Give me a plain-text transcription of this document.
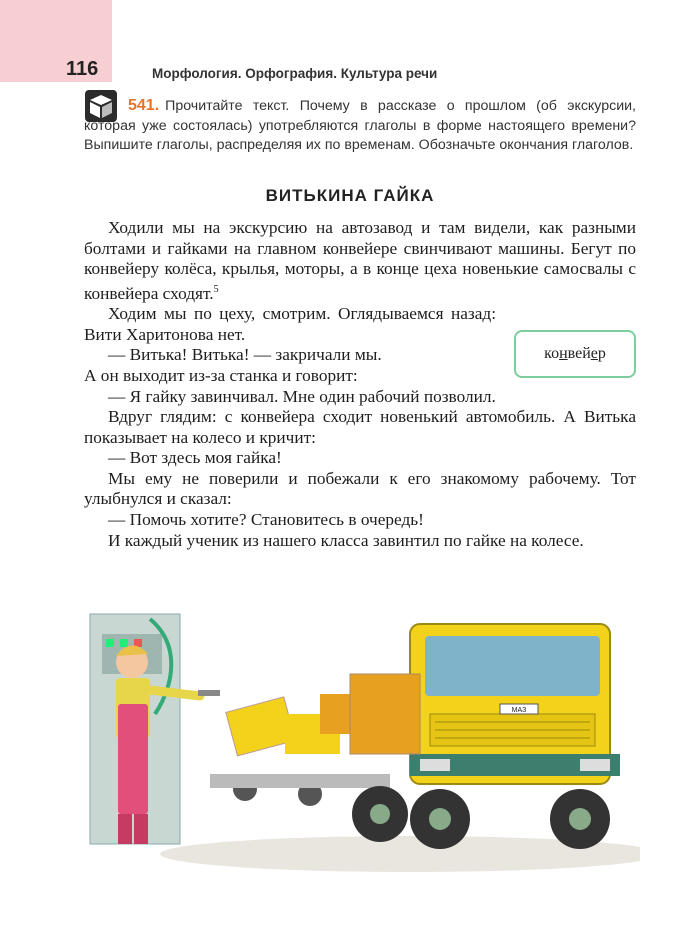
116	Морфология. Орфография. Культура речи
541. Прочитайте текст. Почему в рассказе о прошлом (об экскурсии, которая уже состоялась) употребляются глаголы в форме настоящего времени? Выпишите глаголы, распределяя их по временам. Обозначьте окончания глаголов.
ВИТЬКИНА ГАЙКА

Ходили мы на экскурсию на автозавод и там видели, как разными болтами и гайками на главном конвейере свинчивают машины. Бегут по конвейеру колёса, крылья, моторы, а в конце цеха новенькие самосвалы с конвейера сходят.$^5$

Ходим мы по цеху, смотрим. Оглядываемся назад: Вити Харитонова нет.

— Витька! Витька! — закричали мы.

А он выходит из-за станка и говорит:

— Я гайку завинчивал. Мне один рабочий позволил.

Вдруг глядим: с конвейера сходит новенький автомобиль. А Витька показывает на колесо и кричит:

— Вот здесь моя гайка!

Мы ему не поверили и побежали к его знакомому рабочему. Тот улыбнулся и сказал:

— Помочь хотите? Становитесь в очередь!

И каждый ученик из нашего класса завинтил по гайке на колесе.

ко н вей е р
МАЗ
